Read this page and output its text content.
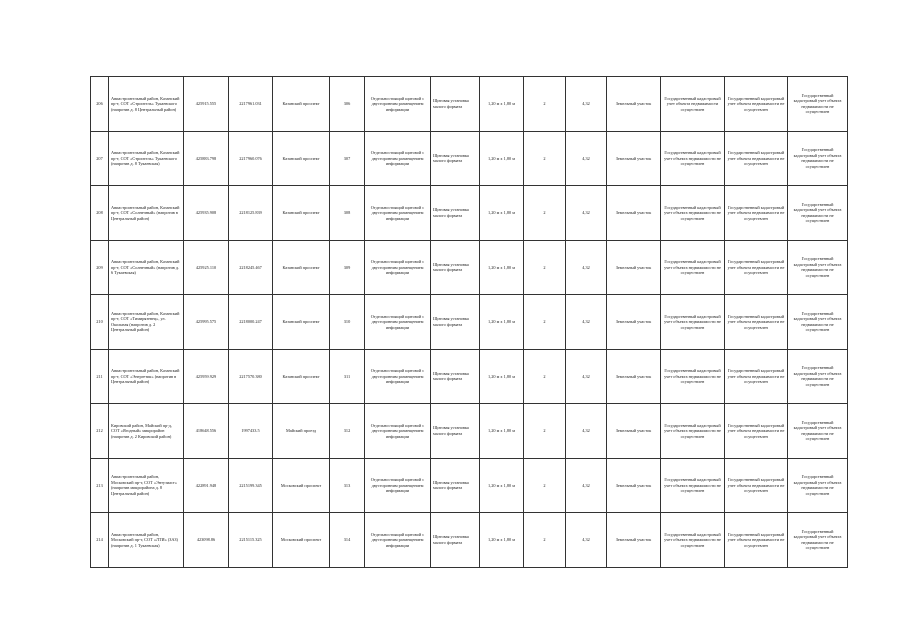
206	Авиастроительный район, Казанский пр-т, СОТ «Строитель» Тукаевского (напротив д. 8 Центральный район)	425915.555	2217961.031	Казанский проспект	306	Отдельностоящий щитовой с двусторонним размещением информации	Щитовая установка малого формата	1,20 м х 1,80 м	2	4,32	Земельный участок	Государственный кадастровый учет объекта недвижимости осуществлен	Государственный кадастровый учет объекта недвижимости не осуществлен	Государственный кадастровый учет объекта недвижимости не осуществлен
207	Авиастроительный район, Казанский пр-т, СОТ «Строитель» Тукаевского (напротив д. 8 Тукаевская)	425883.798	2217960.076	Казанский проспект	307	Отдельностоящий щитовой с двусторонним размещением информации	Щитовая установка малого формата	1,20 м х 1,80 м	2	4,32	Земельный участок	Государственный кадастровый учет объекта недвижимости не осуществлен	Государственный кадастровый учет объекта недвижимости не осуществлен	Государственный кадастровый учет объекта недвижимости не осуществлен
208	Авиастроительный район, Казанский пр-т, СОТ «Солнечный» (напротив в Центральный район)	425935.908	2218125.839	Казанский проспект	308	Отдельностоящий щитовой с двусторонним размещением информации	Щитовая установка малого формата	1,20 м х 1,80 м	2	4,32	Земельный участок	Государственный кадастровый учет объекта недвижимости не осуществлен	Государственный кадастровый учет объекта недвижимости не осуществлен	Государственный кадастровый учет объекта недвижимости не осуществлен
209	Авиастроительный район, Казанский пр-т, СОТ «Солнечный» (напротив д. 6 Тукаевская)	425925.110	2218245.467	Казанский проспект	309	Отдельностоящий щитовой с двусторонним размещением информации	Щитовая установка малого формата	1,20 м х 1,80 м	2	4,32	Земельный участок	Государственный кадастровый учет объекта недвижимости не осуществлен	Государственный кадастровый учет объекта недвижимости не осуществлен	Государственный кадастровый учет объекта недвижимости не осуществлен
210	Авиастроительный район, Казанский пр-т, СОТ «Тимирязевец», ул. Окольная (напротив д. 2 Центральный район)	425995.575	2218000.247	Казанский проспект	310	Отдельностоящий щитовой с двусторонним размещением информации	Щитовая установка малого формата	1,20 м х 1,80 м	2	4,32	Земельный участок	Государственный кадастровый учет объекта недвижимости не осуществлен	Государственный кадастровый учет объекта недвижимости не осуществлен	Государственный кадастровый учет объекта недвижимости не осуществлен
211	Авиастроительный район, Казанский пр-т, СОТ «Энергетик» (напротив в Центральный район)	425959.929	2217570.380	Казанский проспект	311	Отдельностоящий щитовой с двусторонним размещением информации	Щитовая установка малого формата	1,20 м х 1,80 м	2	4,32	Земельный участок	Государственный кадастровый учет объекта недвижимости не осуществлен	Государственный кадастровый учет объекта недвижимости не осуществлен	Государственный кадастровый учет объекта недвижимости не осуществлен
212	Кировский район, Майский пр-д, СОТ «Ягодный» микрорайон (напротив д. 2 Кировский район)	418648.556	1997433.5	Майский проезд	312	Отдельностоящий щитовой с двусторонним размещением информации	Щитовая установка малого формата	1,20 м х 1,80 м	2	4,32	Земельный участок	Государственный кадастровый учет объекта недвижимости не осуществлен	Государственный кадастровый учет объекта недвижимости не осуществлен	Государственный кадастровый учет объекта недвижимости не осуществлен
213	Авиастроительный район, Московский пр-т, СОТ «Энтузиаст» (напротив микрорайона д. 8 Центральный район)	422891.948	2215199.345	Московский проспект	313	Отдельностоящий щитовой с двусторонним размещением информации	Щитовая установка малого формата	1,20 м х 1,80 м	2	4,32	Земельный участок	Государственный кадастровый учет объекта недвижимости не осуществлен	Государственный кадастровый учет объекта недвижимости не осуществлен	Государственный кадастровый учет объекта недвижимости не осуществлен
214	Авиастроительный район, Московский пр-т, СОТ «ЛТИ» (ЗАЗ) (напротив д. 1 Тукаевская)	423098.86	2215115.325	Московский проспект	314	Отдельностоящий щитовой с двусторонним размещением информации	Щитовая установка малого формата	1,20 м х 1,80 м	2	4,32	Земельный участок	Государственный кадастровый учет объекта недвижимости не осуществлен	Государственный кадастровый учет объекта недвижимости не осуществлен	Государственный кадастровый учет объекта недвижимости не осуществлен
